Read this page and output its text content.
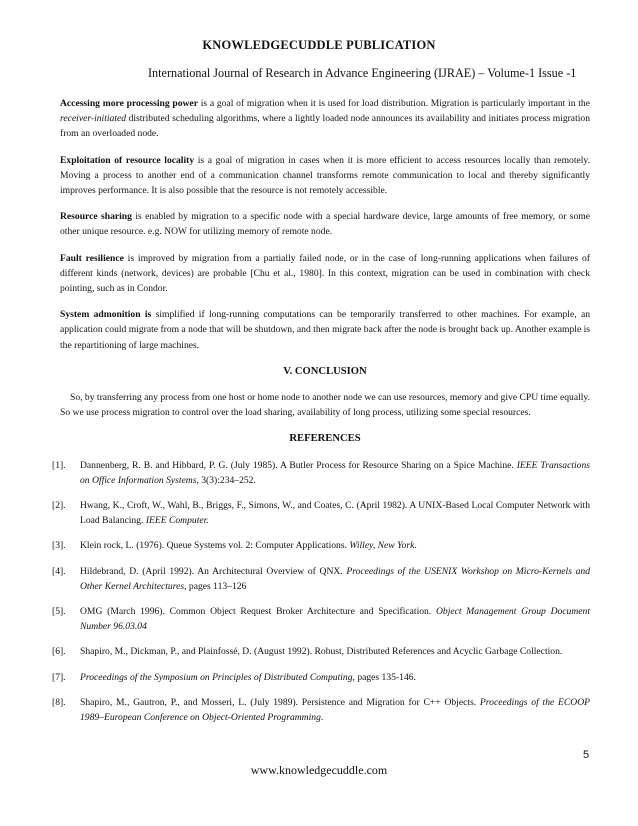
KNOWLEDGECUDDLE PUBLICATION
International Journal of Research in Advance Engineering (IJRAE) – Volume-1 Issue -1

Accessing more processing power is a goal of migration when it is used for load distribution. Migration is particularly important in the receiver-initiated distributed scheduling algorithms, where a lightly loaded node announces its availability and initiates process migration from an overloaded node.

Exploitation of resource locality is a goal of migration in cases when it is more efficient to access resources locally than remotely. Moving a process to another end of a communication channel transforms remote communication to local and thereby significantly improves performance. It is also possible that the resource is not remotely accessible.

Resource sharing is enabled by migration to a specific node with a special hardware device, large amounts of free memory, or some other unique resource. e.g. NOW for utilizing memory of remote node.

Fault resilience is improved by migration from a partially failed node, or in the case of long-running applications when failures of different kinds (network, devices) are probable [Chu et al., 1980]. In this context, migration can be used in combination with check pointing, such as in Condor.

System admonition is simplified if long-running computations can be temporarily transferred to other machines. For example, an application could migrate from a node that will be shutdown, and then migrate back after the node is brought back up. Another example is the repartitioning of large machines.

V. CONCLUSION

So, by transferring any process from one host or home node to another node we can use resources, memory and give CPU time equally. So we use process migration to control over the load sharing, availability of long process, utilizing some special resources.

REFERENCES
[1]. Dannenberg, R. B. and Hibbard, P. G. (July 1985). A Butler Process for Resource Sharing on a Spice Machine. IEEE Transactions on Office Information Systems, 3(3):234–252.
[2]. Hwang, K., Croft, W., Wahl, B., Briggs, F., Simons, W., and Coates, C. (April 1982). A UNIX-Based Local Computer Network with Load Balancing. IEEE Computer.
[3]. Klein rock, L. (1976). Queue Systems vol. 2: Computer Applications. Willey, New York.
[4]. Hildebrand, D. (April 1992). An Architectural Overview of QNX. Proceedings of the USENIX Workshop on Micro-Kernels and Other Kernel Architectures, pages 113–126
[5]. OMG (March 1996). Common Object Request Broker Architecture and Specification. Object Management Group Document Number 96.03.04
[6]. Shapiro, M., Dickman, P., and Plainfossé, D. (August 1992). Robust, Distributed References and Acyclic Garbage Collection.
[7]. Proceedings of the Symposium on Principles of Distributed Computing, pages 135-146.
[8]. Shapiro, M., Gautron, P., and Mosseri, L. (July 1989). Persistence and Migration for C++ Objects. Proceedings of the ECOOP 1989–European Conference on Object-Oriented Programming.
5
www.knowledgecuddle.com
